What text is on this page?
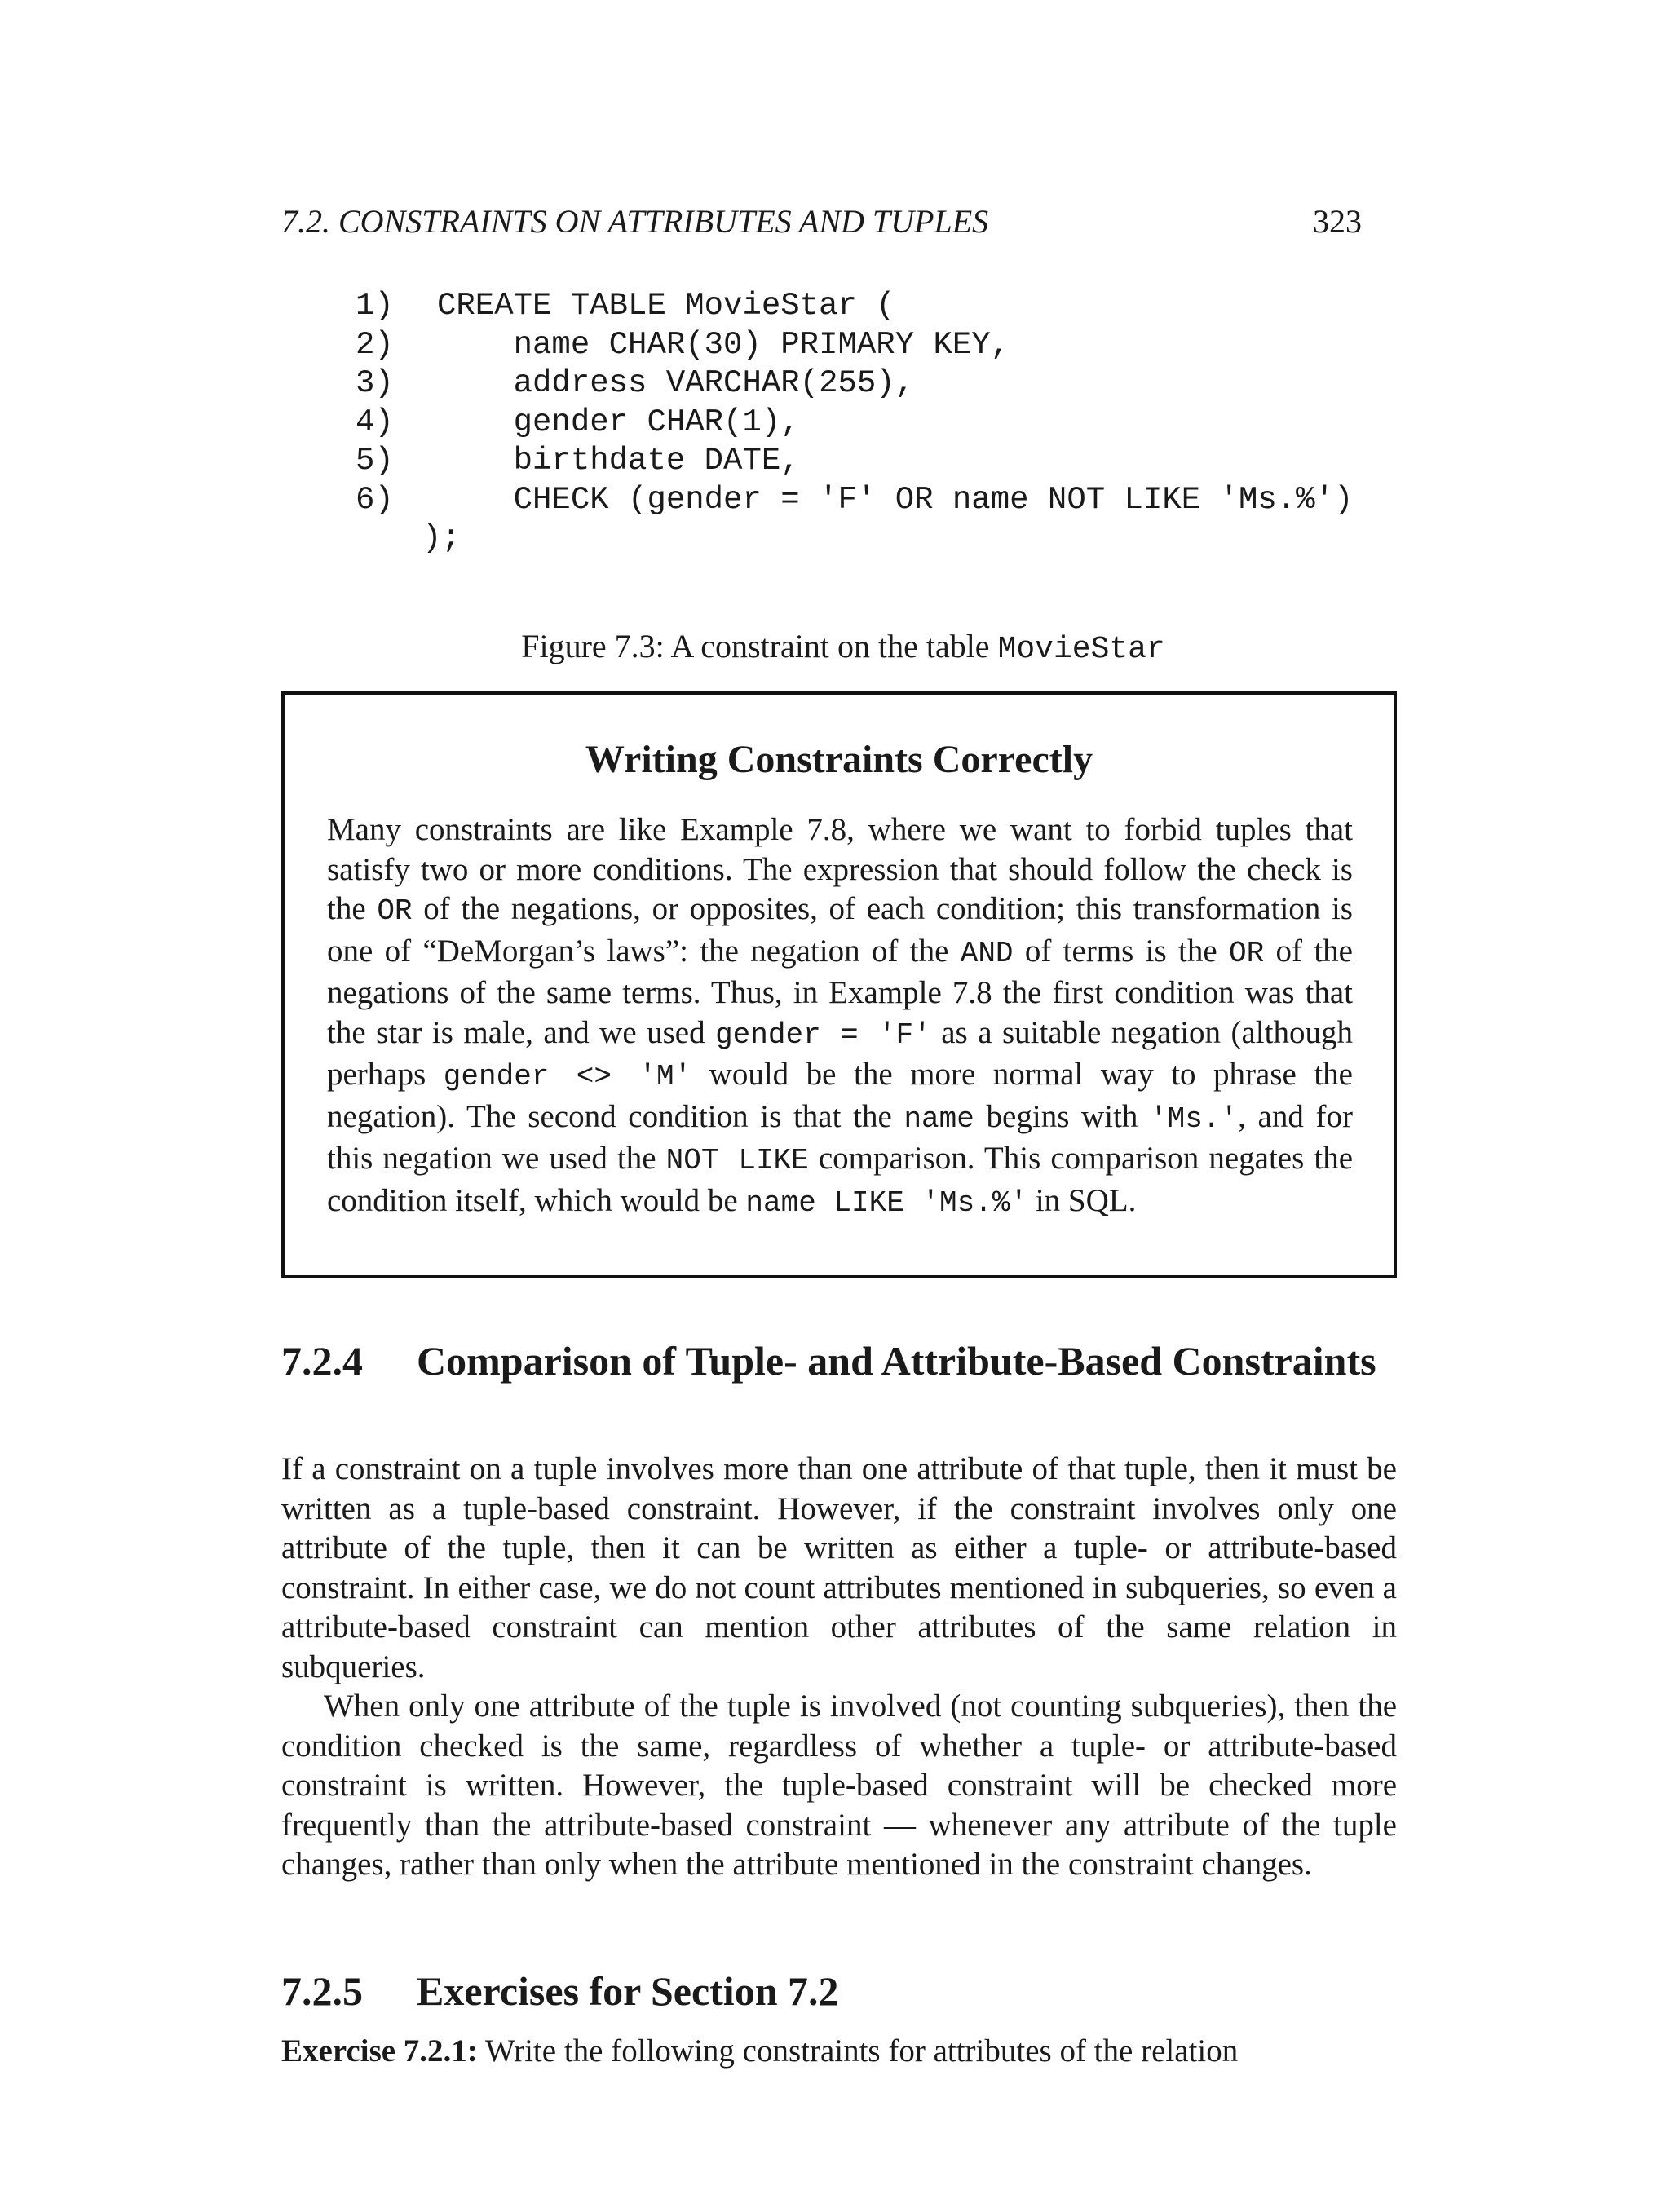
7.2. CONSTRAINTS ON ATTRIBUTES AND TUPLES	323
1)	CREATE TABLE MovieStar (
2)	name CHAR(30) PRIMARY KEY,
3)	address VARCHAR(255),
4)	gender CHAR(1),
5)	birthdate DATE,
6)	CHECK (gender = 'F' OR name NOT LIKE 'Ms.%')
);
Figure 7.3: A constraint on the table MovieStar
Writing Constraints Correctly
Many constraints are like Example 7.8, where we want to forbid tuples that satisfy two or more conditions. The expression that should follow the check is the OR of the negations, or opposites, of each condition; this transformation is one of “DeMorgan’s laws”: the negation of the AND of terms is the OR of the negations of the same terms. Thus, in Example 7.8 the first condition was that the star is male, and we used gender = 'F' as a suitable negation (although perhaps gender <> 'M' would be the more normal way to phrase the negation). The second condition is that the name begins with 'Ms.', and for this negation we used the NOT LIKE comparison. This comparison negates the condition itself, which would be name LIKE 'Ms.%' in SQL.
7.2.4	Comparison of Tuple- and Attribute-Based Constraints

If a constraint on a tuple involves more than one attribute of that tuple, then it must be written as a tuple-based constraint. However, if the constraint involves only one attribute of the tuple, then it can be written as either a tuple- or attribute-based constraint. In either case, we do not count attributes mentioned in subqueries, so even a attribute-based constraint can mention other attributes of the same relation in subqueries.

When only one attribute of the tuple is involved (not counting subqueries), then the condition checked is the same, regardless of whether a tuple- or attribute-based constraint is written. However, the tuple-based constraint will be checked more frequently than the attribute-based constraint — whenever any attribute of the tuple changes, rather than only when the attribute mentioned in the constraint changes.

7.2.5	Exercises for Section 7.2

Exercise 7.2.1: Write the following constraints for attributes of the relation
